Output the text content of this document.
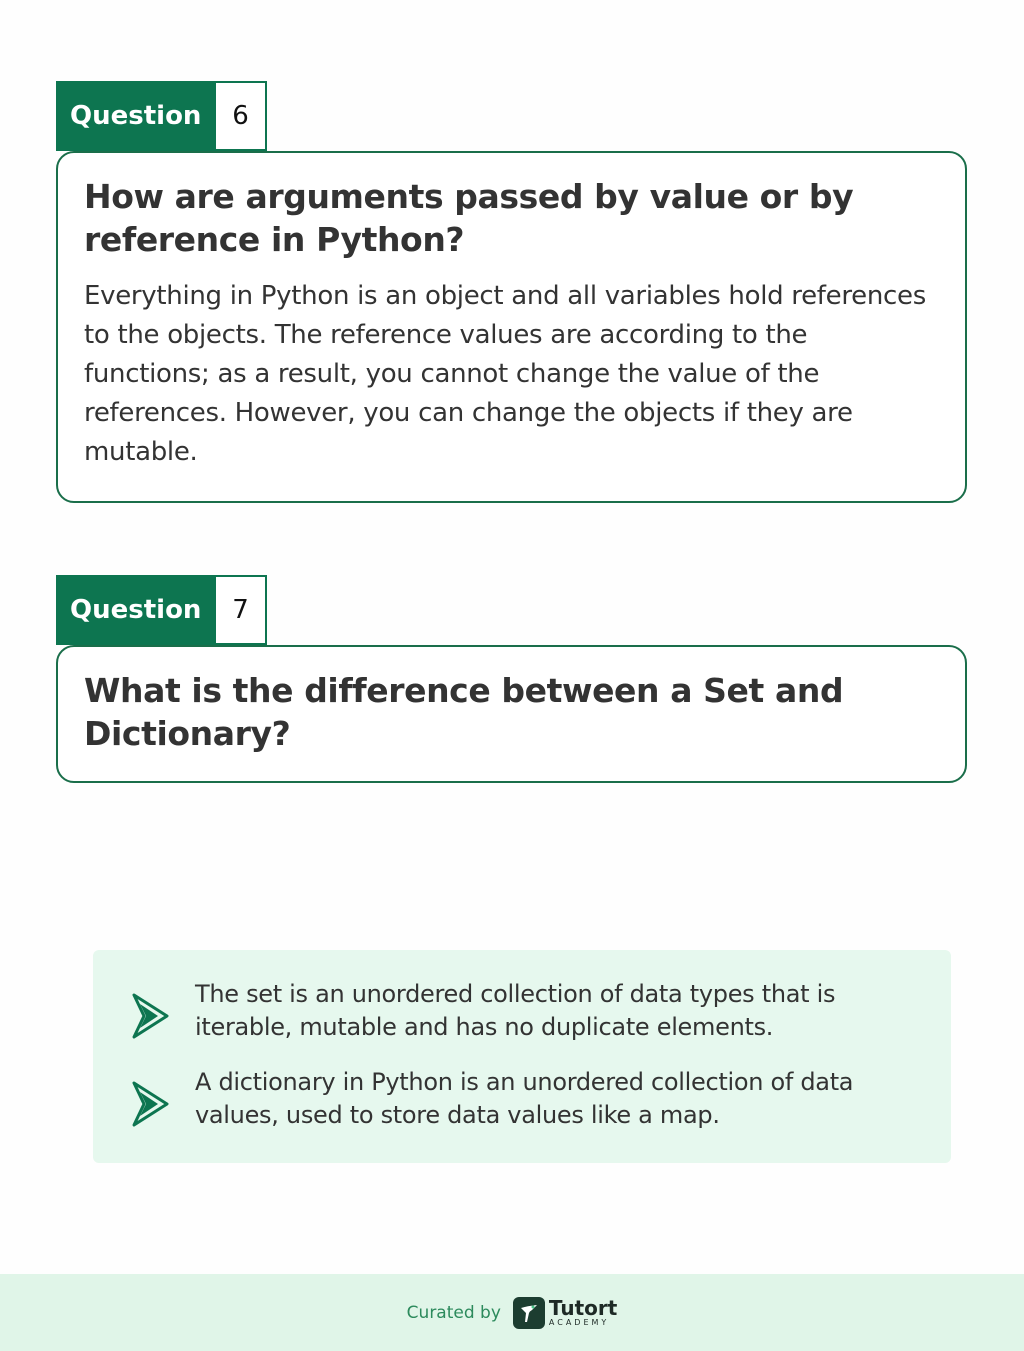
Question	6
How are arguments passed by value or by reference in Python?

Everything in Python is an object and all variables hold references to the objects. The reference values are according to the functions; as a result, you cannot change the value of the references. However, you can change the objects if they are mutable.

Question	7
What is the difference between a Set and Dictionary?
The set is an unordered collection of data types that is iterable, mutable and has no duplicate elements.
A dictionary in Python is an unordered collection of data values, used to store data values like a map.
Curated by Tutort
ACADEMY
